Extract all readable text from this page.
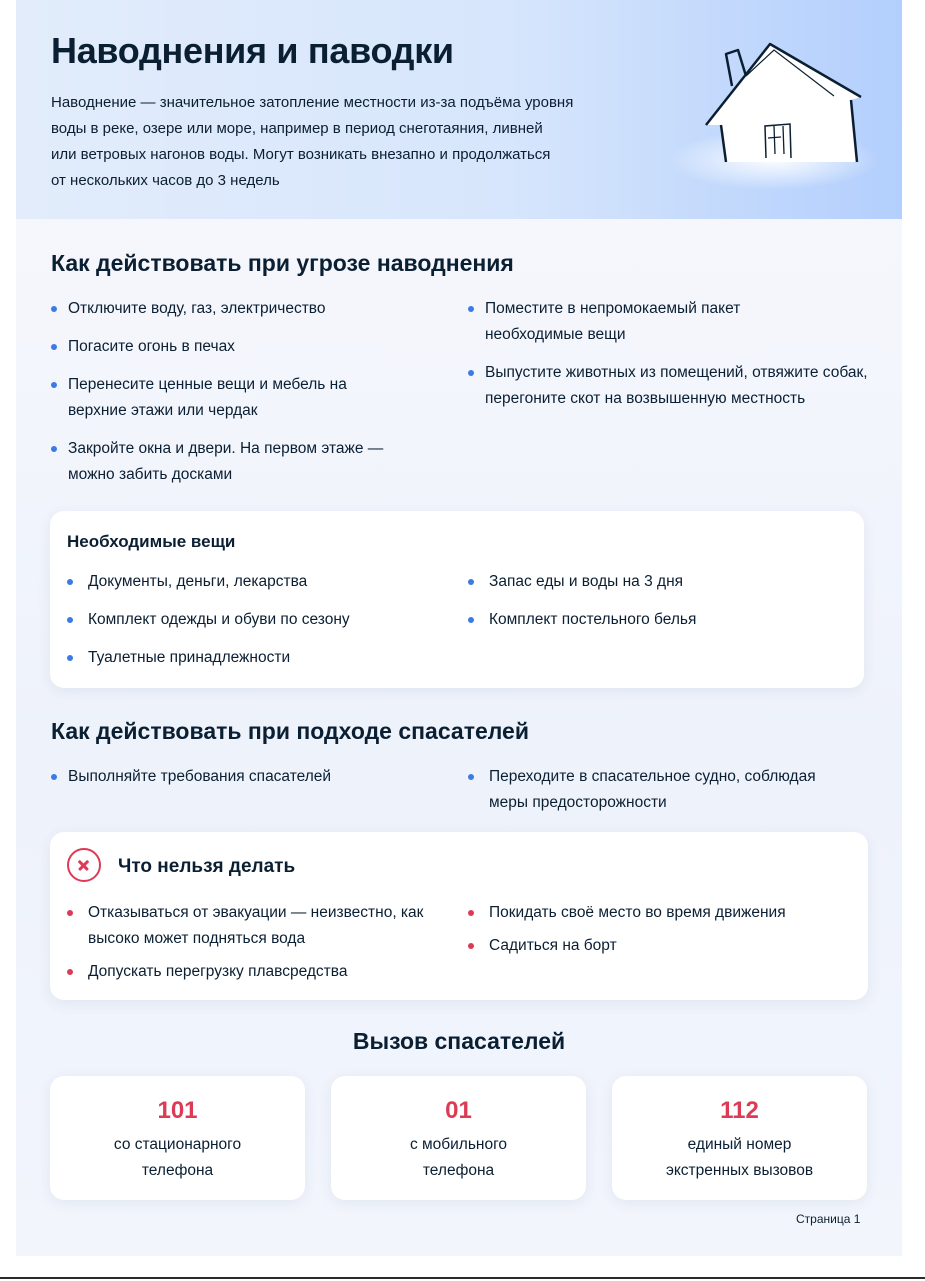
Наводнения и паводки

Наводнение — значительное затопление местности из-за подъёма уровня
воды в реке, озере или море, например в период снеготаяния, ливней
или ветровых нагонов воды. Могут возникать внезапно и продолжаться
от нескольких часов до 3 недель

Как действовать при угрозе наводнения
Отключите воду, газ, электричество
Погасите огонь в печах
Перенесите ценные вещи и мебель на верхние этажи или чердак
Закройте окна и двери. На первом этаже — можно забить досками
Поместите в непромокаемый пакет необходимые вещи
Выпустите животных из помещений, отвяжите собак, перегоните скот на возвышенную местность
Необходимые вещи
Документы, деньги, лекарства
Комплект одежды и обуви по сезону
Туалетные принадлежности
Запас еды и воды на 3 дня
Комплект постельного белья
Как действовать при подходе спасателей
Выполняйте требования спасателей	Переходите в спасательное судно, соблюдая меры предосторожности
Что нельзя делать
Отказываться от эвакуации — неизвестно, как высоко может подняться вода
Допускать перегрузку плавсредства
Покидать своё место во время движения
Садиться на борт
Вызов спасателей
101
со стационарного
телефона
01
с мобильного
телефона
112
единый номер
экстренных вызовов
Страница 1
